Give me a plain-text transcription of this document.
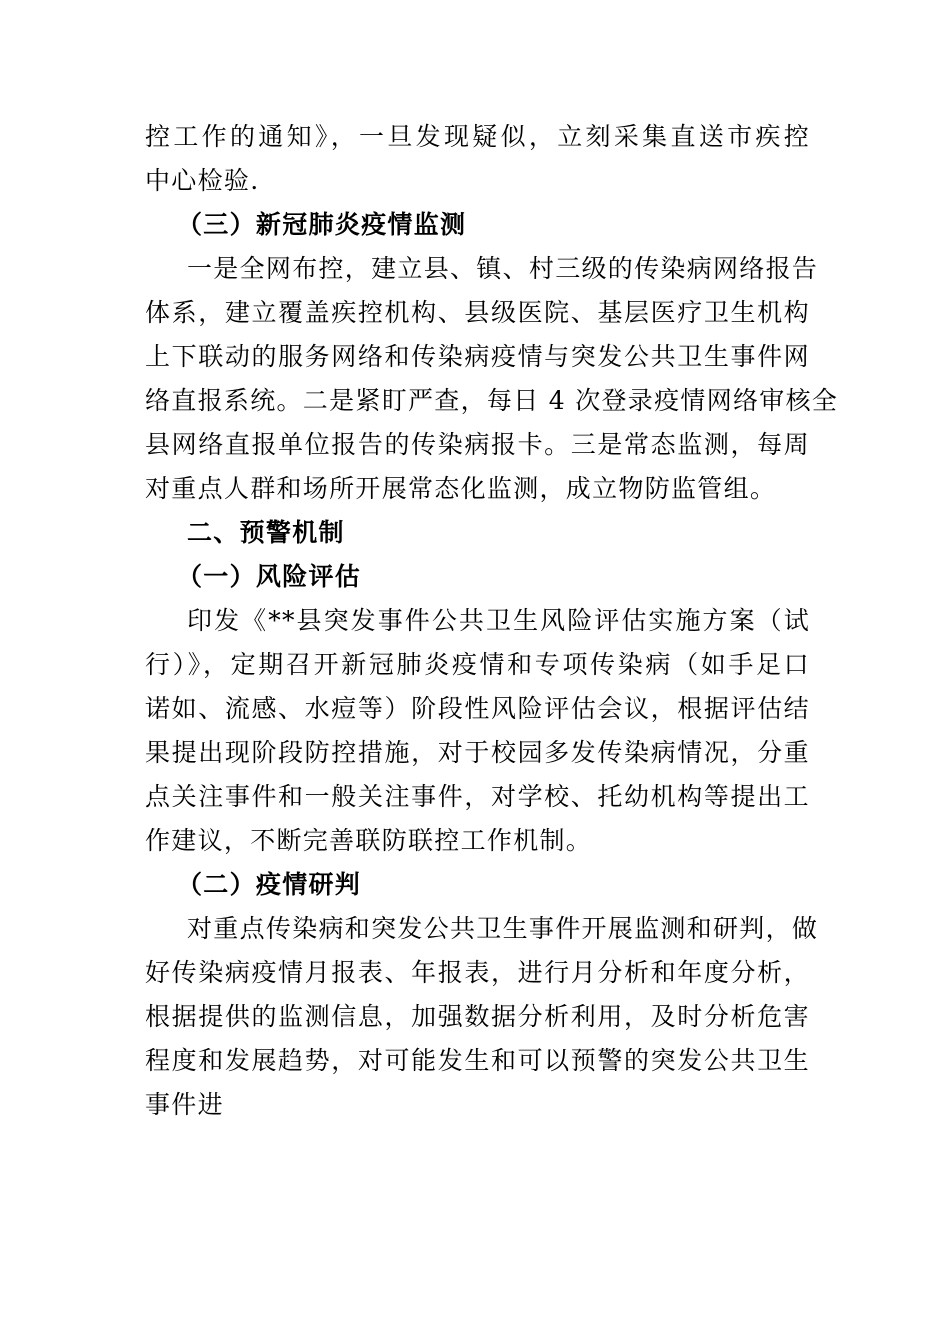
控工作的通知》，一旦发现疑似，立刻采集直送市疾控
中心检验.
（三）新冠肺炎疫情监测
一是全网布控，建立县、镇、村三级的传染病网络报告
体系，建立覆盖疾控机构、县级医院、基层医疗卫生机构
上下联动的服务网络和传染病疫情与突发公共卫生事件网
络直报系统。二是紧盯严查，每日 4 次登录疫情网络审核全
县网络直报单位报告的传染病报卡。三是常态监测，每周
对重点人群和场所开展常态化监测，成立物防监管组。
二、预警机制
（一）风险评估
印发《**县突发事件公共卫生风险评估实施方案（试
行）》，定期召开新冠肺炎疫情和专项传染病（如手足口
诺如、流感、水痘等）阶段性风险评估会议，根据评估结
果提出现阶段防控措施，对于校园多发传染病情况，分重
点关注事件和一般关注事件，对学校、托幼机构等提出工
作建议，不断完善联防联控工作机制。
（二）疫情研判
对重点传染病和突发公共卫生事件开展监测和研判，做
好传染病疫情月报表、年报表，进行月分析和年度分析，
根据提供的监测信息，加强数据分析利用，及时分析危害
程度和发展趋势，对可能发生和可以预警的突发公共卫生
事件进
